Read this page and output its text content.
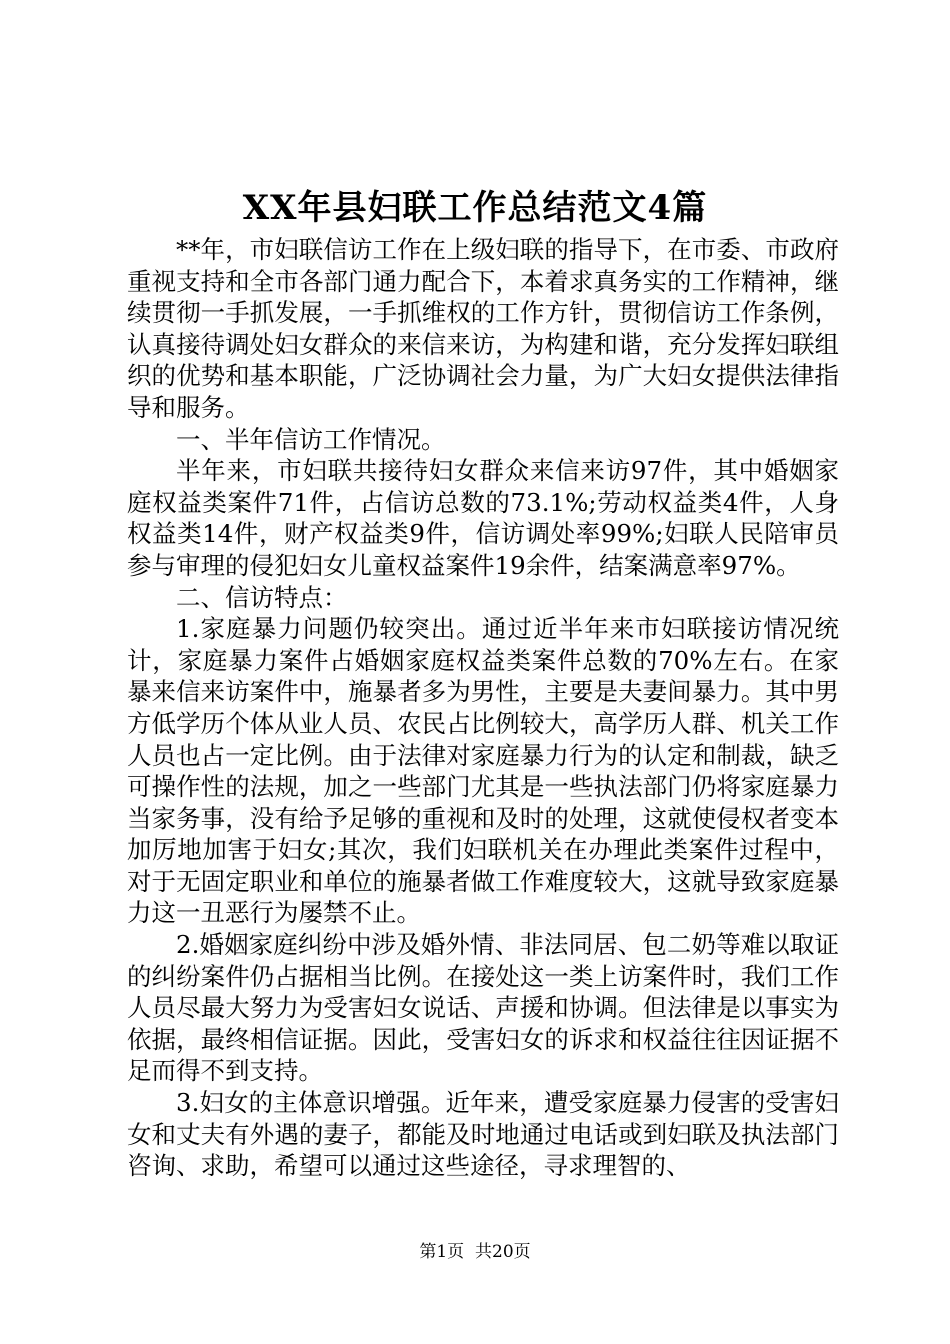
XX年县妇联工作总结范文4篇

**年，市妇联信访工作在上级妇联的指导下，在市委、市政府重视支持和全市各部门通力配合下，本着求真务实的工作精神，继续贯彻一手抓发展，一手抓维权的工作方针，贯彻信访工作条例，认真接待调处妇女群众的来信来访，为构建和谐，充分发挥妇联组织的优势和基本职能，广泛协调社会力量，为广大妇女提供法律指导和服务。

一、半年信访工作情况。

半年来，市妇联共接待妇女群众来信来访97件，其中婚姻家庭权益类案件71件，占信访总数的73.1%;劳动权益类4件，人身权益类14件，财产权益类9件，信访调处率99%;妇联人民陪审员参与审理的侵犯妇女儿童权益案件19余件，结案满意率97%。

二、信访特点：

1.家庭暴力问题仍较突出。通过近半年来市妇联接访情况统计，家庭暴力案件占婚姻家庭权益类案件总数的70%左右。在家暴来信来访案件中，施暴者多为男性，主要是夫妻间暴力。其中男方低学历个体从业人员、农民占比例较大，高学历人群、机关工作人员也占一定比例。由于法律对家庭暴力行为的认定和制裁，缺乏可操作性的法规，加之一些部门尤其是一些执法部门仍将家庭暴力当家务事，没有给予足够的重视和及时的处理，这就使侵权者变本加厉地加害于妇女;其次，我们妇联机关在办理此类案件过程中，对于无固定职业和单位的施暴者做工作难度较大，这就导致家庭暴力这一丑恶行为屡禁不止。

2.婚姻家庭纠纷中涉及婚外情、非法同居、包二奶等难以取证的纠纷案件仍占据相当比例。在接处这一类上访案件时，我们工作人员尽最大努力为受害妇女说话、声援和协调。但法律是以事实为依据，最终相信证据。因此，受害妇女的诉求和权益往往因证据不足而得不到支持。

3.妇女的主体意识增强。近年来，遭受家庭暴力侵害的受害妇女和丈夫有外遇的妻子，都能及时地通过电话或到妇联及执法部门咨询、求助，希望可以通过这些途径，寻求理智的、

第1页 共20页
